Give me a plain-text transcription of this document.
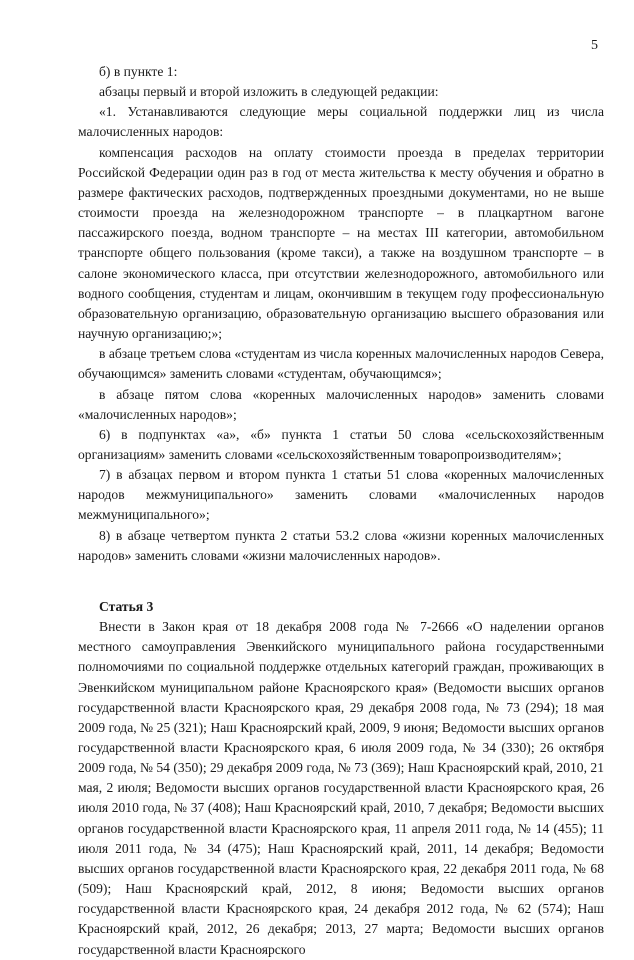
5

б) в пункте 1:

абзацы первый и второй изложить в следующей редакции:

«1. Устанавливаются следующие меры социальной поддержки лиц из числа малочисленных народов:

компенсация расходов на оплату стоимости проезда в пределах территории Российской Федерации один раз в год от места жительства к месту обучения и обратно в размере фактических расходов, подтвержденных проездными документами, но не выше стоимости проезда на железнодорожном транспорте – в плацкартном вагоне пассажирского поезда, водном транспорте – на местах III категории, автомобильном транспорте общего пользования (кроме такси), а также на воздушном транспорте – в салоне экономического класса, при отсутствии железнодорожного, автомобильного или водного сообщения, студентам и лицам, окончившим в текущем году профессиональную образовательную организацию, образовательную организацию высшего образования или научную организацию;»;

в абзаце третьем слова «студентам из числа коренных малочисленных народов Севера, обучающимся» заменить словами «студентам, обучающимся»;

в абзаце пятом слова «коренных малочисленных народов» заменить словами «малочисленных народов»;

6) в подпунктах «а», «б» пункта 1 статьи 50 слова «сельскохозяйственным организациям» заменить словами «сельскохозяйственным товаропроизводителям»;

7) в абзацах первом и втором пункта 1 статьи 51 слова «коренных малочисленных народов межмуниципального» заменить словами «малочисленных народов межмуниципального»;

8) в абзаце четвертом пункта 2 статьи 53.2 слова «жизни коренных малочисленных народов» заменить словами «жизни малочисленных народов».

Статья 3

Внести в Закон края от 18 декабря 2008 года № 7-2666 «О наделении органов местного самоуправления Эвенкийского муниципального района государственными полномочиями по социальной поддержке отдельных категорий граждан, проживающих в Эвенкийском муниципальном районе Красноярского края» (Ведомости высших органов государственной власти Красноярского края, 29 декабря 2008 года, № 73 (294); 18 мая 2009 года, № 25 (321); Наш Красноярский край, 2009, 9 июня; Ведомости высших органов государственной власти Красноярского края, 6 июля 2009 года, № 34 (330); 26 октября 2009 года, № 54 (350); 29 декабря 2009 года, № 73 (369); Наш Красноярский край, 2010, 21 мая, 2 июля; Ведомости высших органов государственной власти Красноярского края, 26 июля 2010 года, № 37 (408); Наш Красноярский край, 2010, 7 декабря; Ведомости высших органов государственной власти Красноярского края, 11 апреля 2011 года, № 14 (455); 11 июля 2011 года, № 34 (475); Наш Красноярский край, 2011, 14 декабря; Ведомости высших органов государственной власти Красноярского края, 22 декабря 2011 года, № 68 (509); Наш Красноярский край, 2012, 8 июня; Ведомости высших органов государственной власти Красноярского края, 24 декабря 2012 года, № 62 (574); Наш Красноярский край, 2012, 26 декабря; 2013, 27 марта; Ведомости высших органов государственной власти Красноярского
